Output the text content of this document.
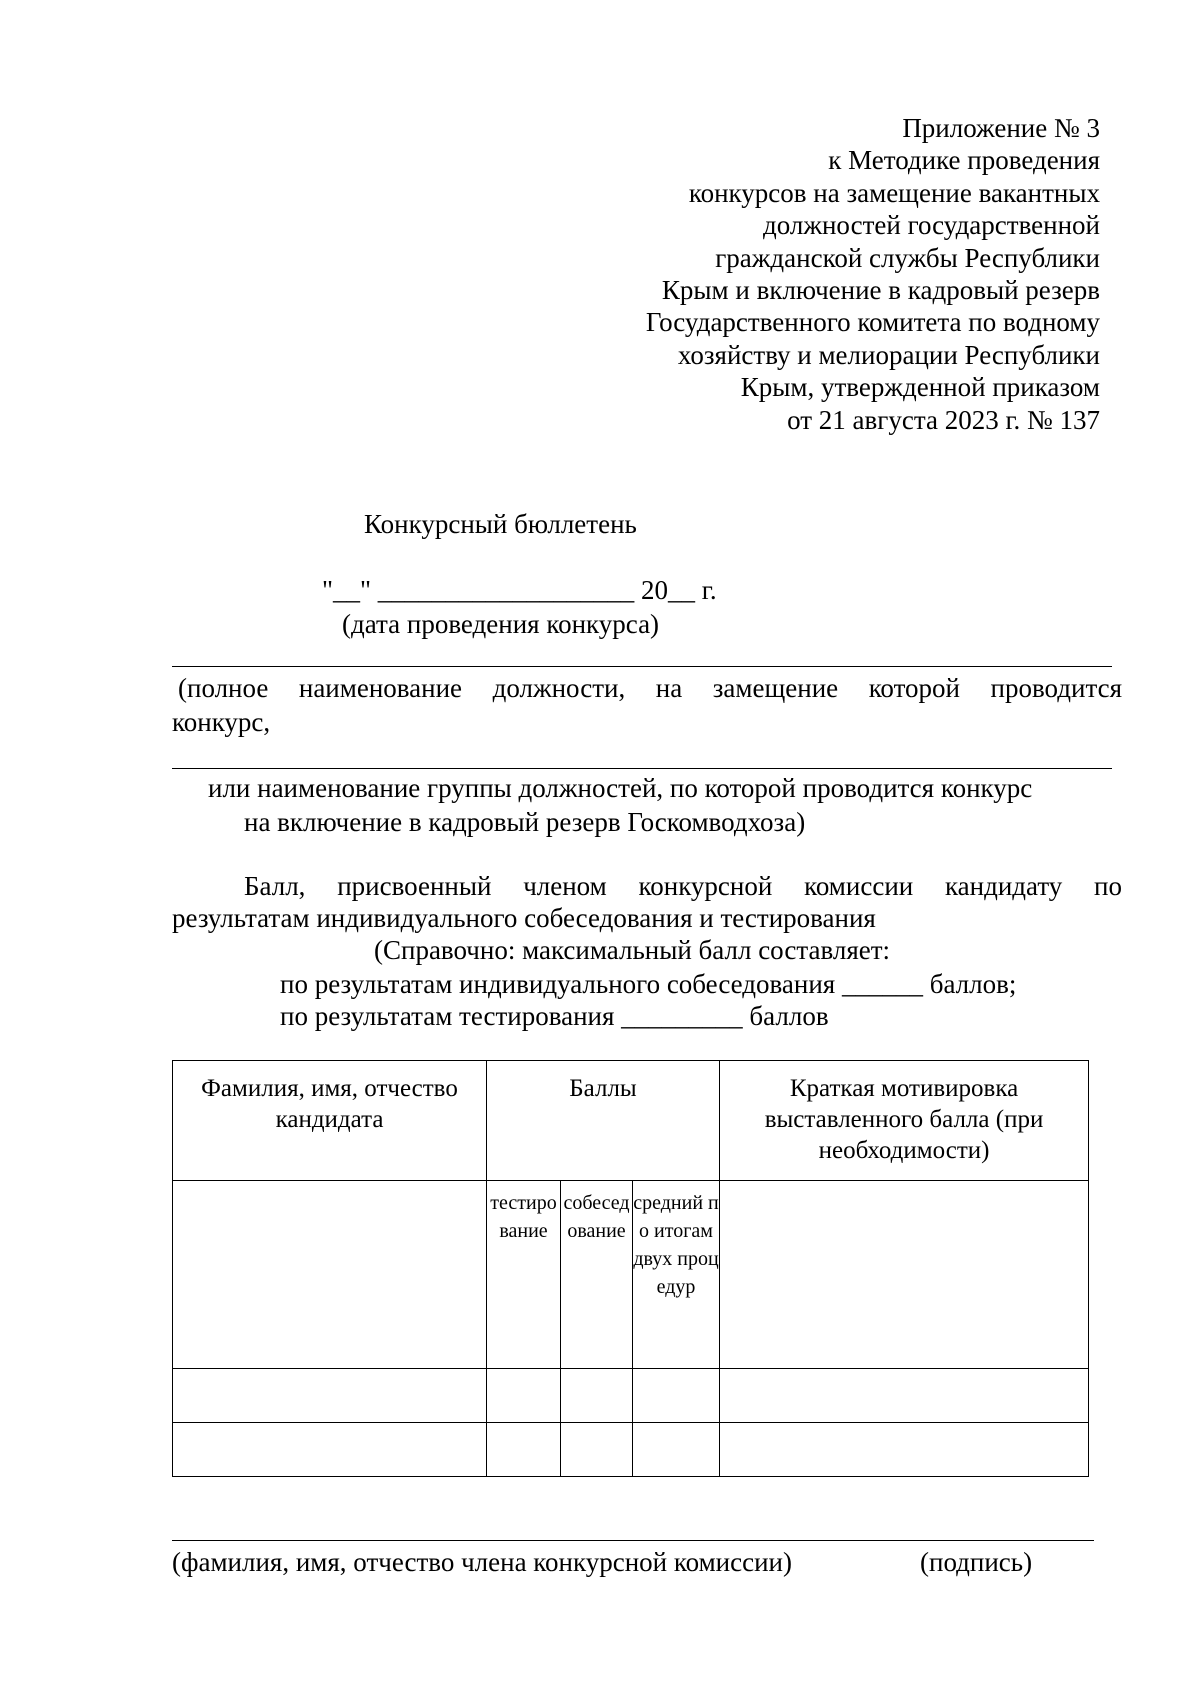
Приложение № 3
к Методике проведения
конкурсов на замещение вакантных
должностей государственной
гражданской службы Республики
Крым и включение в кадровый резерв
Государственного комитета по водному
хозяйству и мелиорации Республики
Крым, утвержденной приказом
от 21 августа 2023 г. № 137
Конкурсный бюллетень
"__" ___________________ 20__ г.
(дата проведения конкурса)
(полное наименование должности, на замещение которой проводится
конкурс,
или наименование группы должностей, по которой проводится конкурс
на включение в кадровый резерв Госкомводхоза)
Балл, присвоенный членом конкурсной комиссии кандидату по
результатам индивидуального собеседования и тестирования
(Справочно: максимальный балл составляет:
по результатам индивидуального собеседования ______ баллов;
по результатам тестирования _________ баллов
Фамилия, имя, отчество кандидата	Баллы			Краткая мотивировка выставленного балла (при необходимости)
	тестирование	собеседование	средний по итогам двух процедур	

(фамилия, имя, отчество члена конкурсной комиссии)	(подпись)
